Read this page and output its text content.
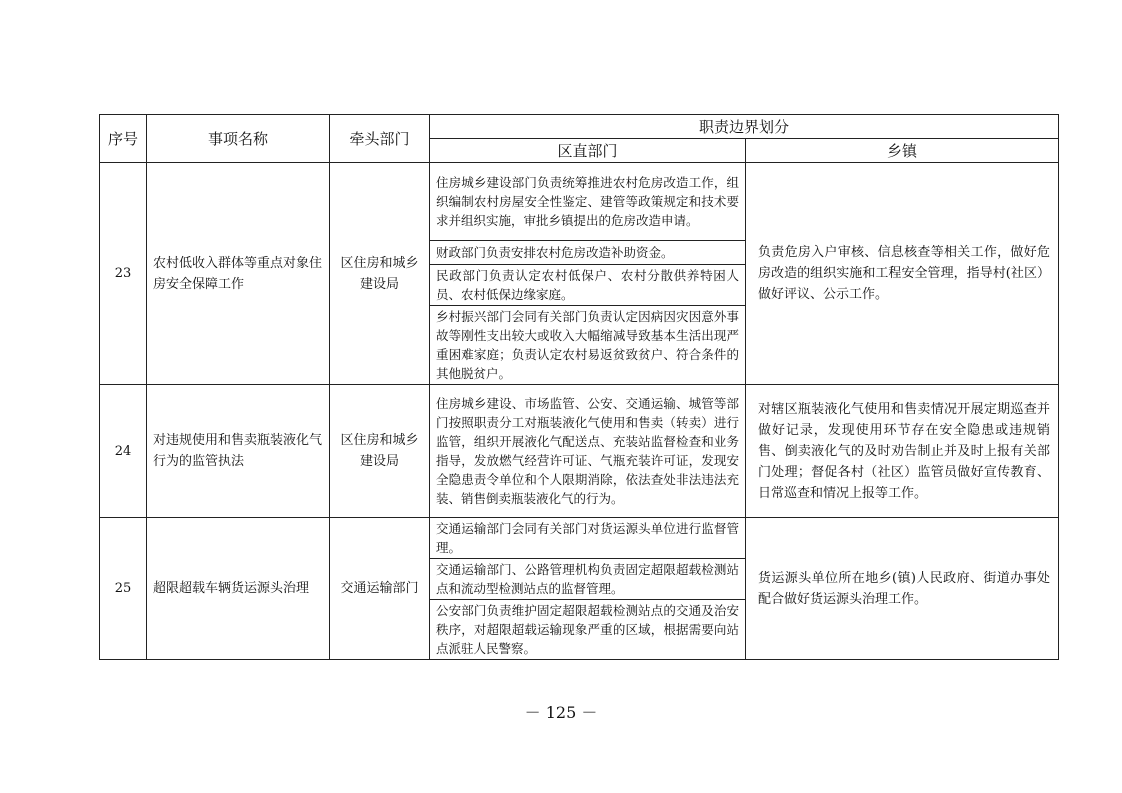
序号	事项名称	牵头部门	职责边界划分	
			区直部门	乡镇
23	农村低收入群体等重点对象住房安全保障工作	区住房和城乡建设局	住房城乡建设部门负责统筹推进农村危房改造工作，组织编制农村房屋安全性鉴定、建管等政策规定和技术要求并组织实施，审批乡镇提出的危房改造申请。	负责危房入户审核、信息核查等相关工作，做好危房改造的组织实施和工程安全管理，指导村(社区）做好评议、公示工作。
			财政部门负责安排农村危房改造补助资金。	
			民政部门负责认定农村低保户、农村分散供养特困人员、农村低保边缘家庭。	
			乡村振兴部门会同有关部门负责认定因病因灾因意外事故等刚性支出较大或收入大幅缩减导致基本生活出现严重困难家庭；负责认定农村易返贫致贫户、符合条件的其他脱贫户。	
24	对违规使用和售卖瓶装液化气行为的监管执法	区住房和城乡建设局	住房城乡建设、市场监管、公安、交通运输、城管等部门按照职责分工对瓶装液化气使用和售卖（转卖）进行监管，组织开展液化气配送点、充装站监督检查和业务指导，发放燃气经营许可证、气瓶充装许可证，发现安全隐患责令单位和个人限期消除，依法查处非法违法充装、销售倒卖瓶装液化气的行为。	对辖区瓶装液化气使用和售卖情况开展定期巡查并做好记录，发现使用环节存在安全隐患或违规销售、倒卖液化气的及时劝告制止并及时上报有关部门处理；督促各村（社区）监管员做好宣传教育、日常巡查和情况上报等工作。
25	超限超载车辆货运源头治理	交通运输部门	交通运输部门会同有关部门对货运源头单位进行监督管理。	货运源头单位所在地乡(镇)人民政府、街道办事处配合做好货运源头治理工作。
			交通运输部门、公路管理机构负责固定超限超载检测站点和流动型检测站点的监督管理。	
			公安部门负责维护固定超限超载检测站点的交通及治安秩序，对超限超载运输现象严重的区域，根据需要向站点派驻人民警察。	
－ 125 －
